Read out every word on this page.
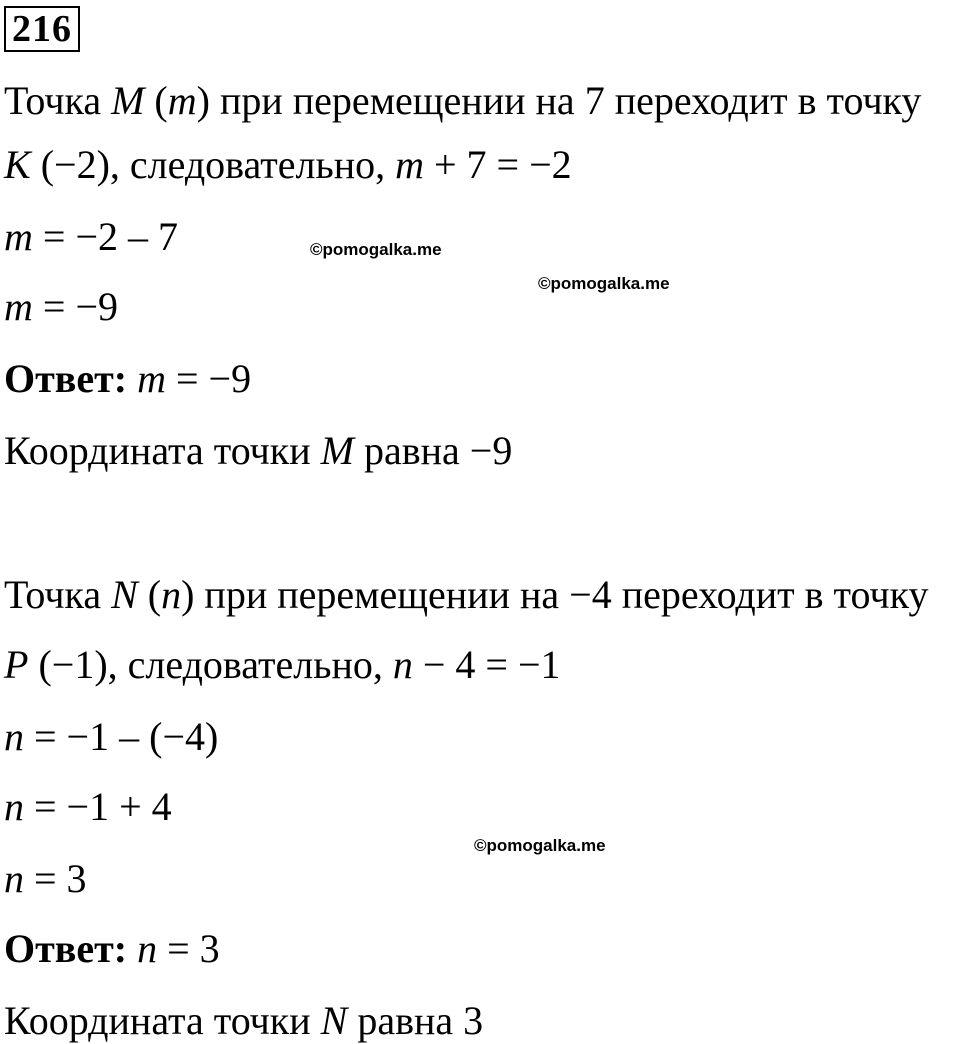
216
Точка M (m) при перемещении на 7 переходит в точку
K (−2), следовательно, m + 7 = −2
m = −2 – 7
m = −9
Ответ: m = −9
Координата точки M равна −9
Точка N (n) при перемещении на −4 переходит в точку
P (−1), следовательно, n − 4 = −1
n = −1 – (−4)
n = −1 + 4
n = 3
Ответ: n = 3
Координата точки N равна 3
©pomogalka.me
©pomogalka.me
©pomogalka.me
